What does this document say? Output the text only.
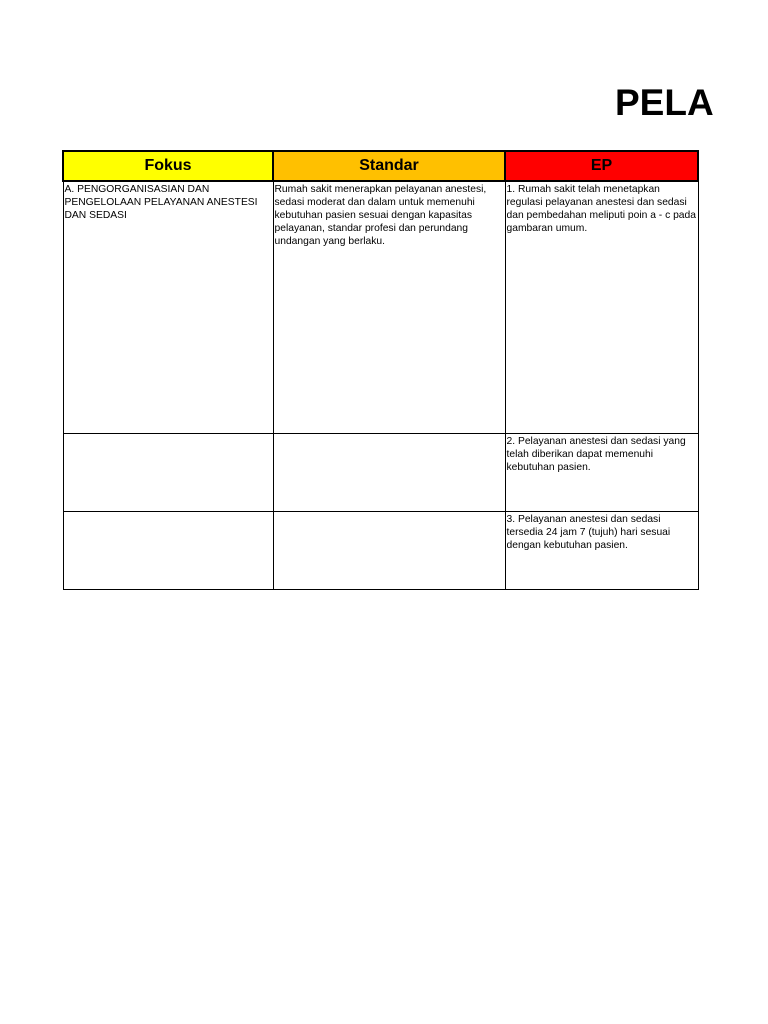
PELA
Fokus	Standar	EP
A. PENGORGANISASIAN DAN PENGELOLAAN PELAYANAN ANESTESI DAN SEDASI	Rumah sakit menerapkan pelayanan anestesi, sedasi moderat dan dalam untuk memenuhi kebutuhan pasien sesuai dengan kapasitas pelayanan, standar profesi dan perundang undangan yang berlaku.	1. Rumah sakit telah menetapkan regulasi pelayanan anestesi dan sedasi dan pembedahan meliputi poin a - c pada
gambaran umum.
		2. Pelayanan anestesi dan sedasi yang telah diberikan dapat memenuhi kebutuhan pasien.
		3. Pelayanan anestesi dan sedasi tersedia 24 jam 7 (tujuh) hari sesuai dengan kebutuhan pasien.
